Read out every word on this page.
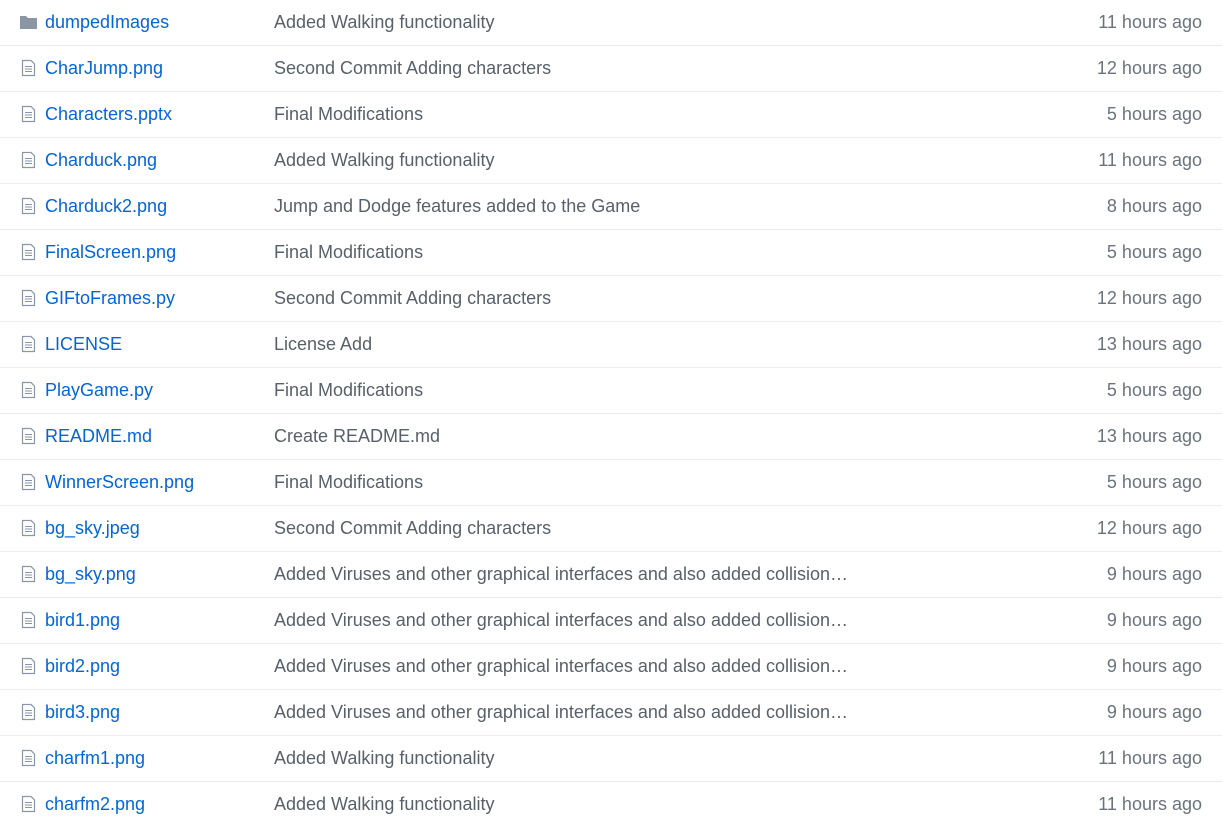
dumpedImages	Added Walking functionality	11 hours ago
CharJump.png	Second Commit Adding characters	12 hours ago
Characters.pptx	Final Modifications	5 hours ago
Charduck.png	Added Walking functionality	11 hours ago
Charduck2.png	Jump and Dodge features added to the Game	8 hours ago
FinalScreen.png	Final Modifications	5 hours ago
GIFtoFrames.py	Second Commit Adding characters	12 hours ago
LICENSE	License Add	13 hours ago
PlayGame.py	Final Modifications	5 hours ago
README.md	Create README.md	13 hours ago
WinnerScreen.png	Final Modifications	5 hours ago
bg_sky.jpeg	Second Commit Adding characters	12 hours ago
bg_sky.png	Added Viruses and other graphical interfaces and also added collision…	9 hours ago
bird1.png	Added Viruses and other graphical interfaces and also added collision…	9 hours ago
bird2.png	Added Viruses and other graphical interfaces and also added collision…	9 hours ago
bird3.png	Added Viruses and other graphical interfaces and also added collision…	9 hours ago
charfm1.png	Added Walking functionality	11 hours ago
charfm2.png	Added Walking functionality	11 hours ago
